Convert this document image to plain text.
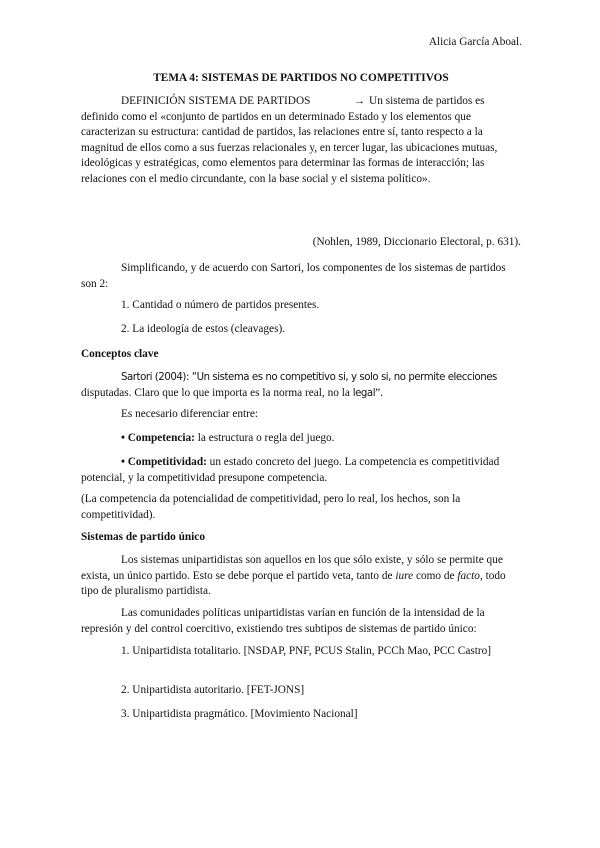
Alicia García Aboal.
TEMA 4: SISTEMAS DE PARTIDOS NO COMPETITIVOS

DEFINICIÓN SISTEMA DE PARTIDOS	→ Un sistema de partidos es definido como el «conjunto de partidos en un determinado Estado y los elementos que caracterizan su estructura: cantidad de partidos, las relaciones entre sí, tanto respecto a la magnitud de ellos como a sus fuerzas relacionales y, en tercer lugar, las ubicaciones mutuas, ideológicas y estratégicas, como elementos para determinar las formas de interacción; las relaciones con el medio circundante, con la base social y el sistema político».

(Nohlen, 1989, Diccionario Electoral, p. 631).

Simplificando, y de acuerdo con Sartori, los componentes de los sistemas de partidos son 2:

1. Cantidad o número de partidos presentes.

2. La ideología de estos (cleavages).

Conceptos clave

Sartori (2004): “Un sistema es no competitivo si, y solo si, no permite elecciones
disputadas. Claro que lo que importa es la norma real, no la legal”.

Es necesario diferenciar entre:

• Competencia: la estructura o regla del juego.

• Competitividad: un estado concreto del juego. La competencia es competitividad potencial, y la competitividad presupone competencia.

(La competencia da potencialidad de competitividad, pero lo real, los hechos, son la competitividad).

Sistemas de partido único

Los sistemas unipartidistas son aquellos en los que sólo existe, y sólo se permite que exista, un único partido. Esto se debe porque el partido veta, tanto de iure como de facto, todo tipo de pluralismo partidista.

Las comunidades políticas unipartidistas varían en función de la intensidad de la represión y del control coercitivo, existiendo tres subtipos de sistemas de partido único:

1. Unipartidista totalitario. [NSDAP, PNF, PCUS Stalin, PCCh Mao, PCC Castro]

2. Unipartidista autoritario. [FET-JONS]

3. Unipartidista pragmático. [Movimiento Nacional]
